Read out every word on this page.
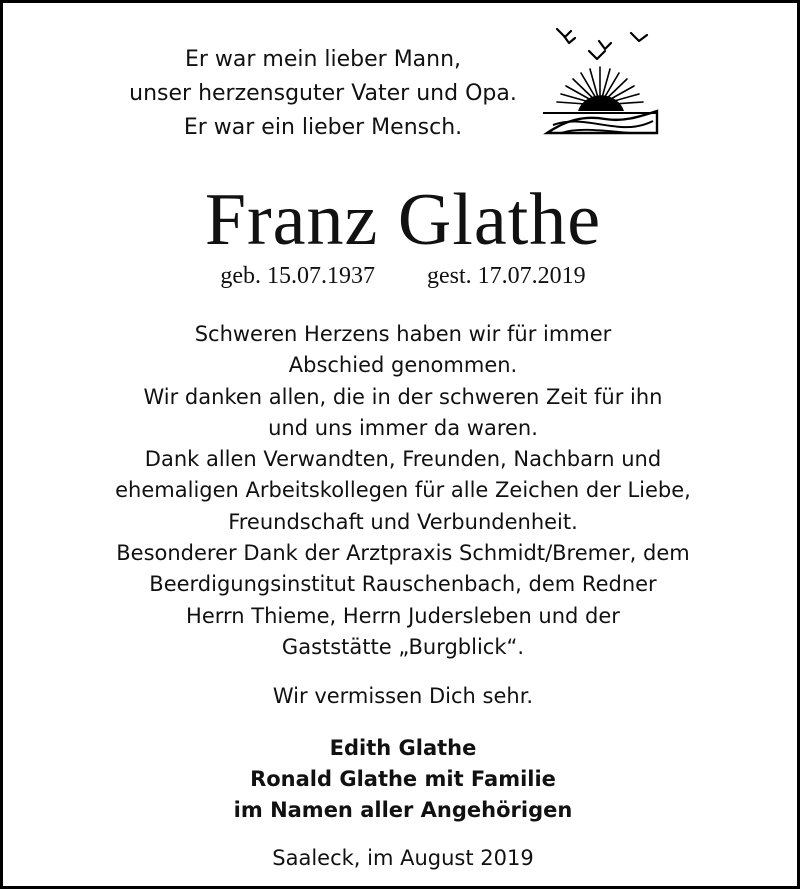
Er war mein lieber Mann,
unser herzensguter Vater und Opa.
Er war ein lieber Mensch.
Franz Glathe
geb. 15.07.1937 gest. 17.07.2019
Schweren Herzens haben wir für immer
Abschied genommen.
Wir danken allen, die in der schweren Zeit für ihn
und uns immer da waren.
Dank allen Verwandten, Freunden, Nachbarn und
ehemaligen Arbeitskollegen für alle Zeichen der Liebe,
Freundschaft und Verbundenheit.
Besonderer Dank der Arztpraxis Schmidt/Bremer, dem
Beerdigungsinstitut Rauschenbach, dem Redner
Herrn Thieme, Herrn Judersleben und der
Gaststätte „Burgblick“.
Wir vermissen Dich sehr.
Edith Glathe
Ronald Glathe mit Familie
im Namen aller Angehörigen
Saaleck, im August 2019
